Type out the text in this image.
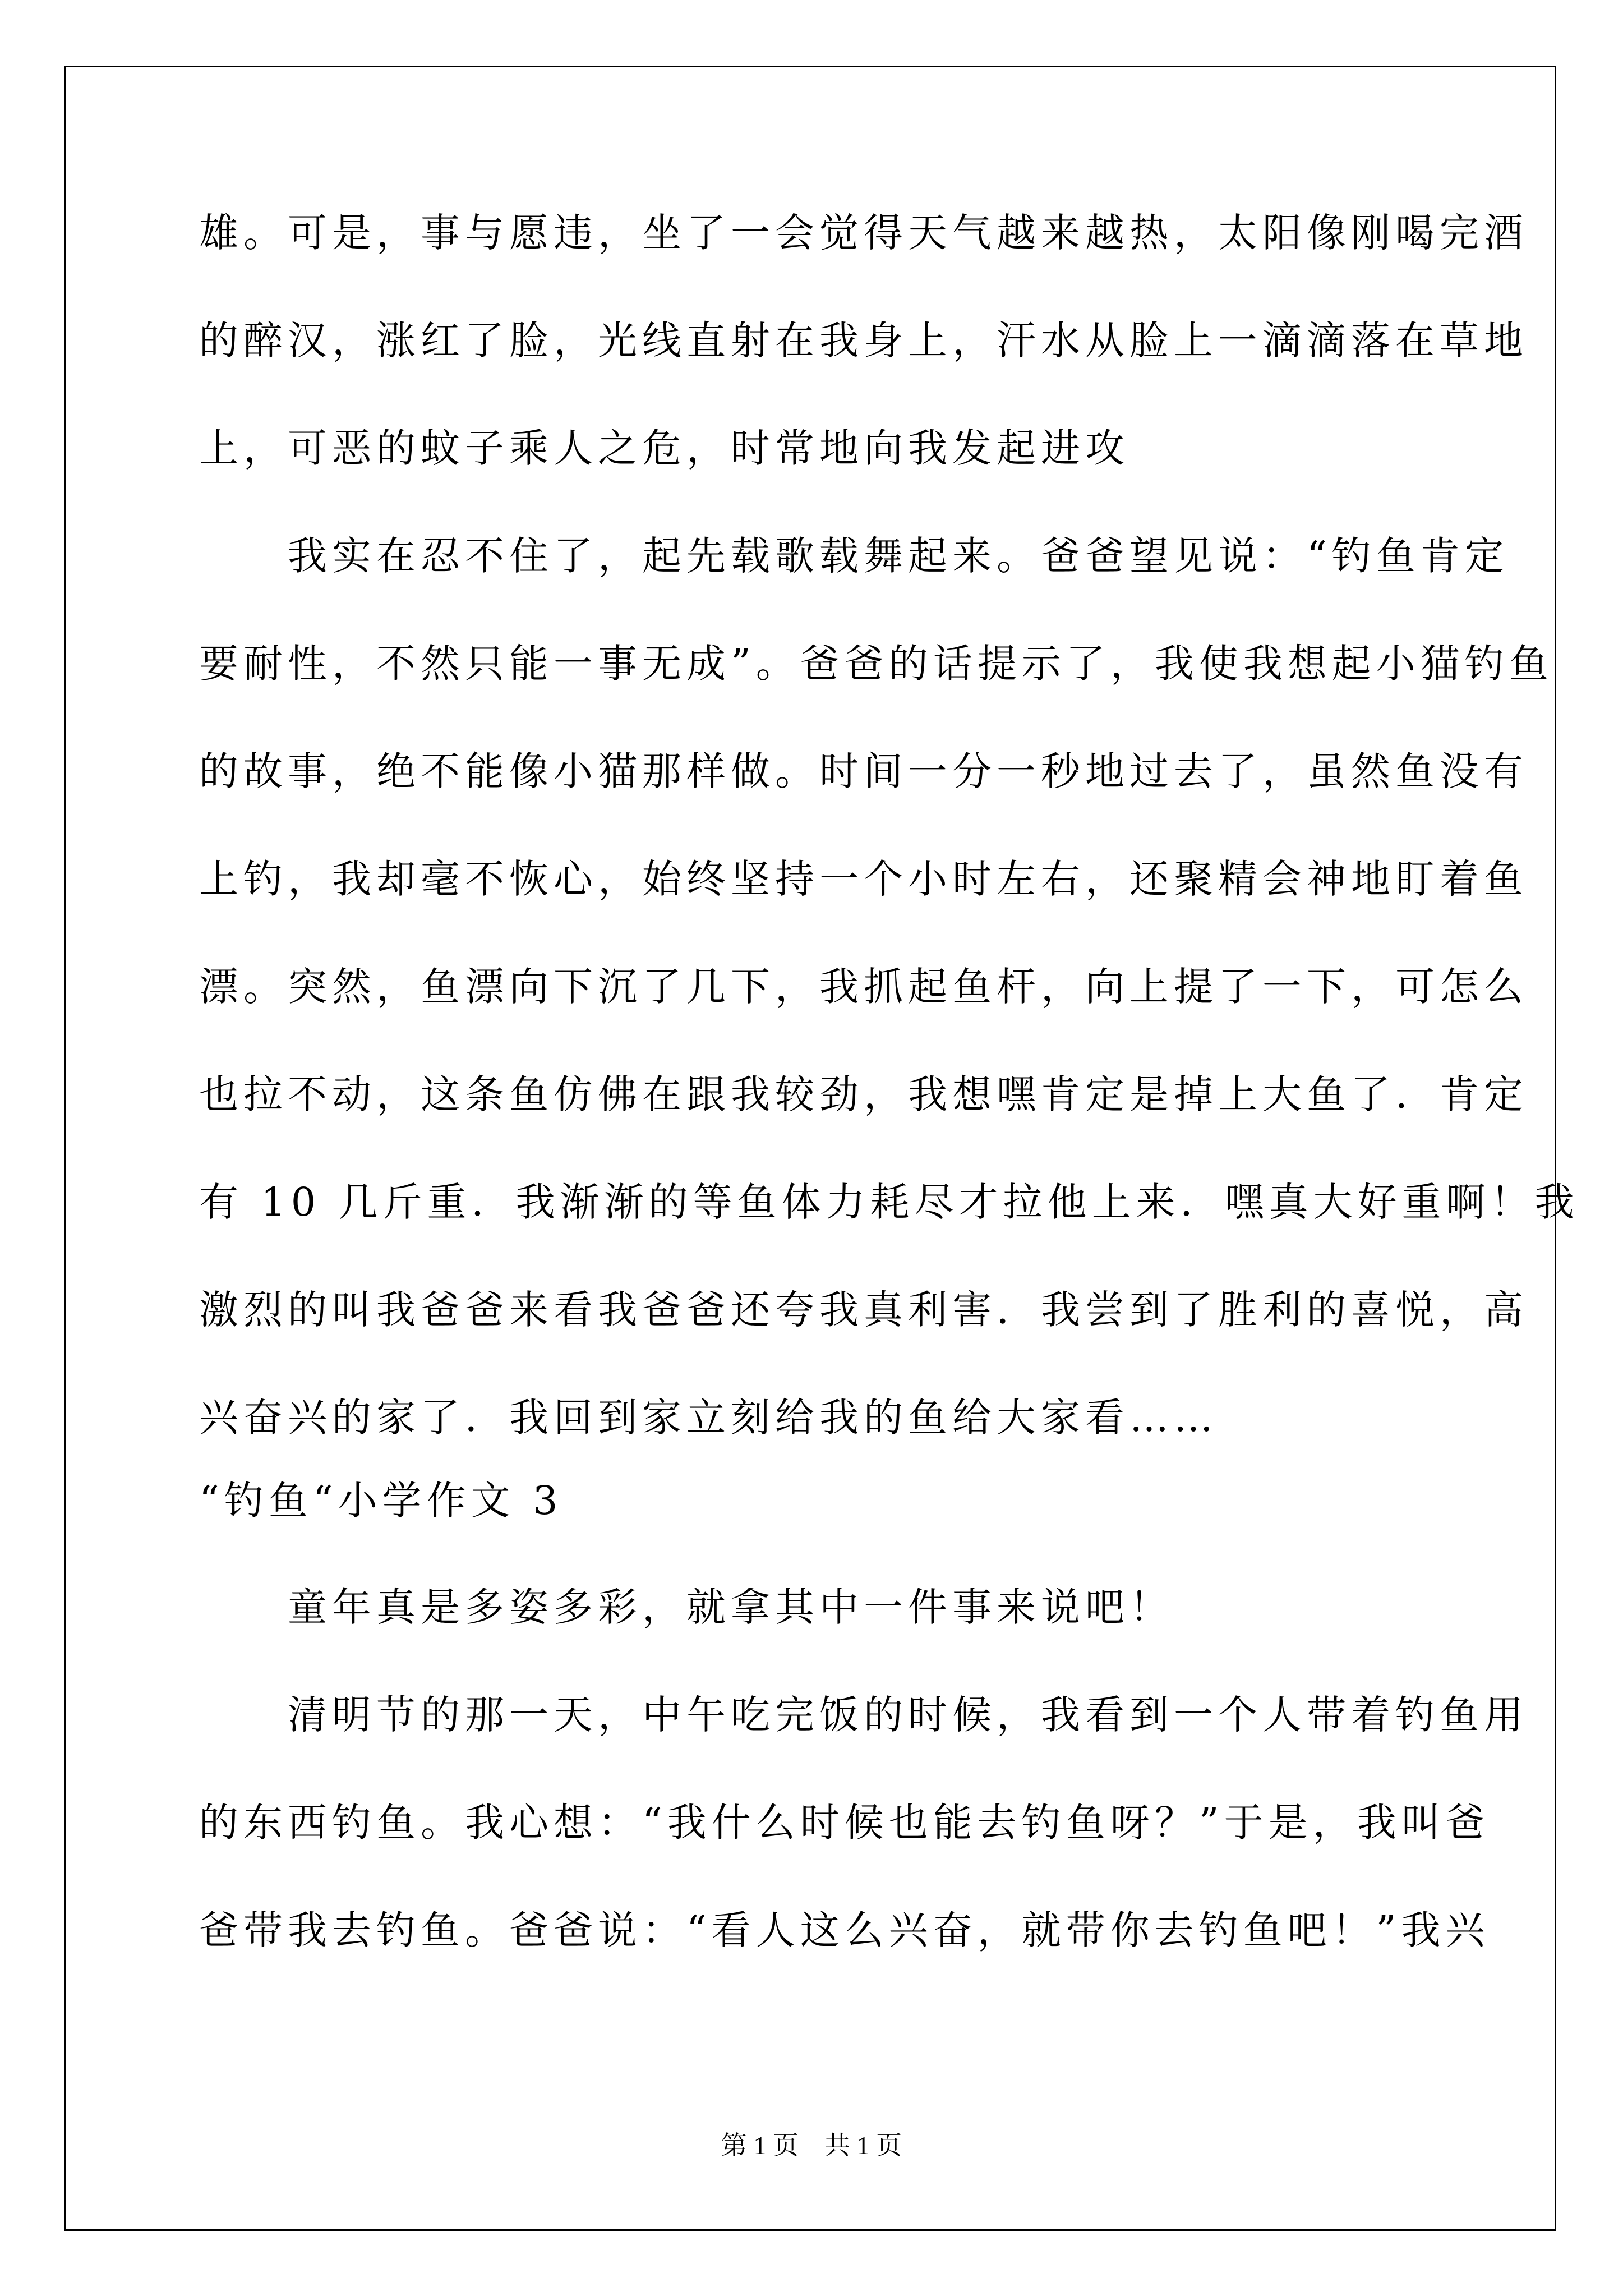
雄。可是，事与愿违，坐了一会觉得天气越来越热，太阳像刚喝完酒
的醉汉，涨红了脸，光线直射在我身上，汗水从脸上一滴滴落在草地
上，可恶的蚊子乘人之危，时常地向我发起进攻
　　我实在忍不住了，起先载歌载舞起来。爸爸望见说：“钓鱼肯定
要耐性，不然只能一事无成”。爸爸的话提示了，我使我想起小猫钓鱼
的故事，绝不能像小猫那样做。时间一分一秒地过去了，虽然鱼没有
上钓，我却毫不恢心，始终坚持一个小时左右，还聚精会神地盯着鱼
漂。突然，鱼漂向下沉了几下，我抓起鱼杆，向上提了一下，可怎么
也拉不动，这条鱼仿佛在跟我较劲，我想嘿肯定是掉上大鱼了．肯定
有 10 几斤重．我渐渐的等鱼体力耗尽才拉他上来．嘿真大好重啊！我
激烈的叫我爸爸来看我爸爸还夸我真利害．我尝到了胜利的喜悦，高
兴奋兴的家了．我回到家立刻给我的鱼给大家看……
“钓鱼“小学作文 3
　　童年真是多姿多彩，就拿其中一件事来说吧！
　　清明节的那一天，中午吃完饭的时候，我看到一个人带着钓鱼用
的东西钓鱼。我心想：“我什么时候也能去钓鱼呀？”于是，我叫爸
爸带我去钓鱼。爸爸说：“看人这么兴奋，就带你去钓鱼吧！”我兴
第 1 页　共 1 页
